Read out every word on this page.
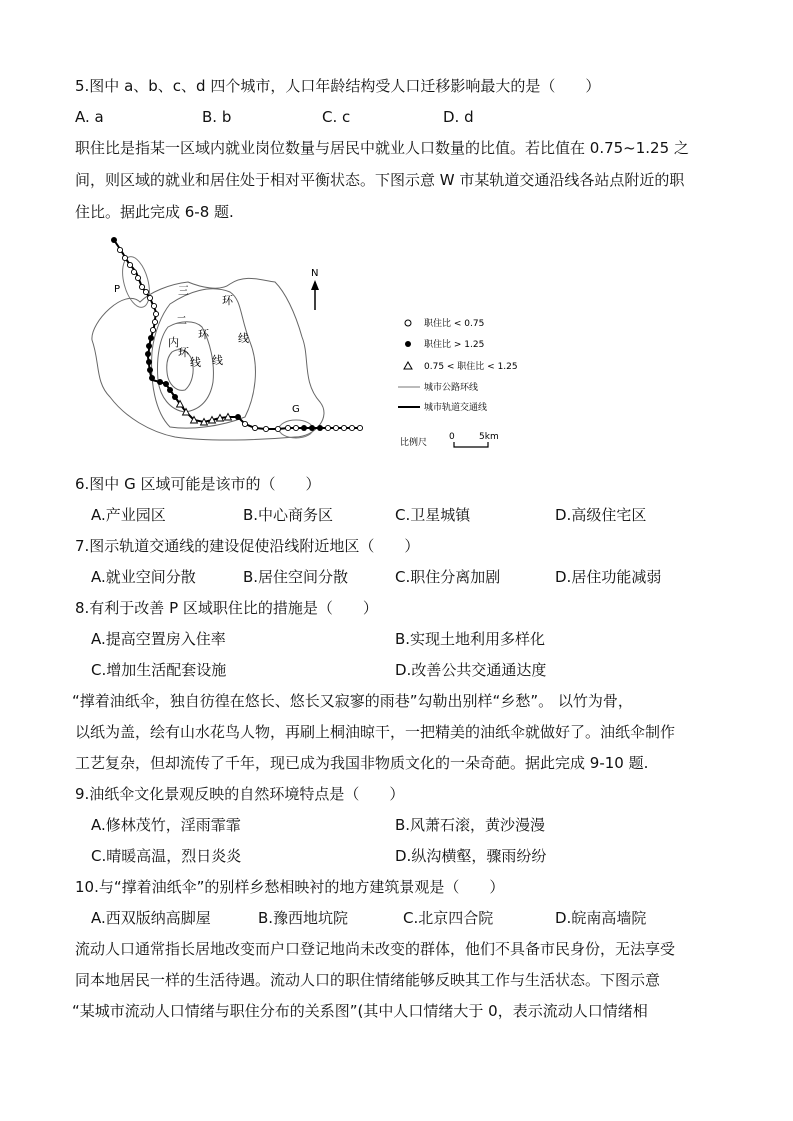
5.图中 a、b、c、d 四个城市，人口年龄结构受人口迁移影响最大的是（　　）
A. a	B. b	C. c	D. d
职住比是指某一区域内就业岗位数量与居民中就业人口数量的比值。若比值在 0.75~1.25 之
间，则区域的就业和居住处于相对平衡状态。下图示意 W 市某轨道交通沿线各站点附近的职
住比。据此完成 6-8 题.
P
G
三
环
线
二
环
线
内
环
线
N
职住比 < 0.75
职住比 > 1.25
0.75 < 职住比 < 1.25
城市公路环线
城市轨道交通线
比例尺
0	5km
6.图中 G 区域可能是该市的（　　）
A.产业园区	B.中心商务区	C.卫星城镇	D.高级住宅区
7.图示轨道交通线的建设促使沿线附近地区（　　）
A.就业空间分散	B.居住空间分散	C.职住分离加剧	D.居住功能减弱
8.有利于改善 P 区域职住比的措施是（　　）
A.提高空置房入住率	B.实现土地利用多样化
C.增加生活配套设施	D.改善公共交通通达度
“撑着油纸伞，独自彷徨在悠长、悠长又寂寥的雨巷”勾勒出别样“乡愁”。 以竹为骨，
以纸为盖，绘有山水花鸟人物，再刷上桐油晾干，一把精美的油纸伞就做好了。油纸伞制作
工艺复杂，但却流传了千年，现已成为我国非物质文化的一朵奇葩。据此完成 9-10 题.
9.油纸伞文化景观反映的自然环境特点是（　　）
A.修林茂竹，淫雨霏霏	B.风萧石滚，黄沙漫漫
C.晴暖高温，烈日炎炎	D.纵沟横壑，骤雨纷纷
10.与“撑着油纸伞”的别样乡愁相映衬的地方建筑景观是（　　）
A.西双版纳高脚屋	B.豫西地坑院	C.北京四合院	D.皖南高墙院
流动人口通常指长居地改变而户口登记地尚未改变的群体，他们不具备市民身份，无法享受
同本地居民一样的生活待遇。流动人口的职住情绪能够反映其工作与生活状态。下图示意
“某城市流动人口情绪与职住分布的关系图”(其中人口情绪大于 0，表示流动人口情绪相
